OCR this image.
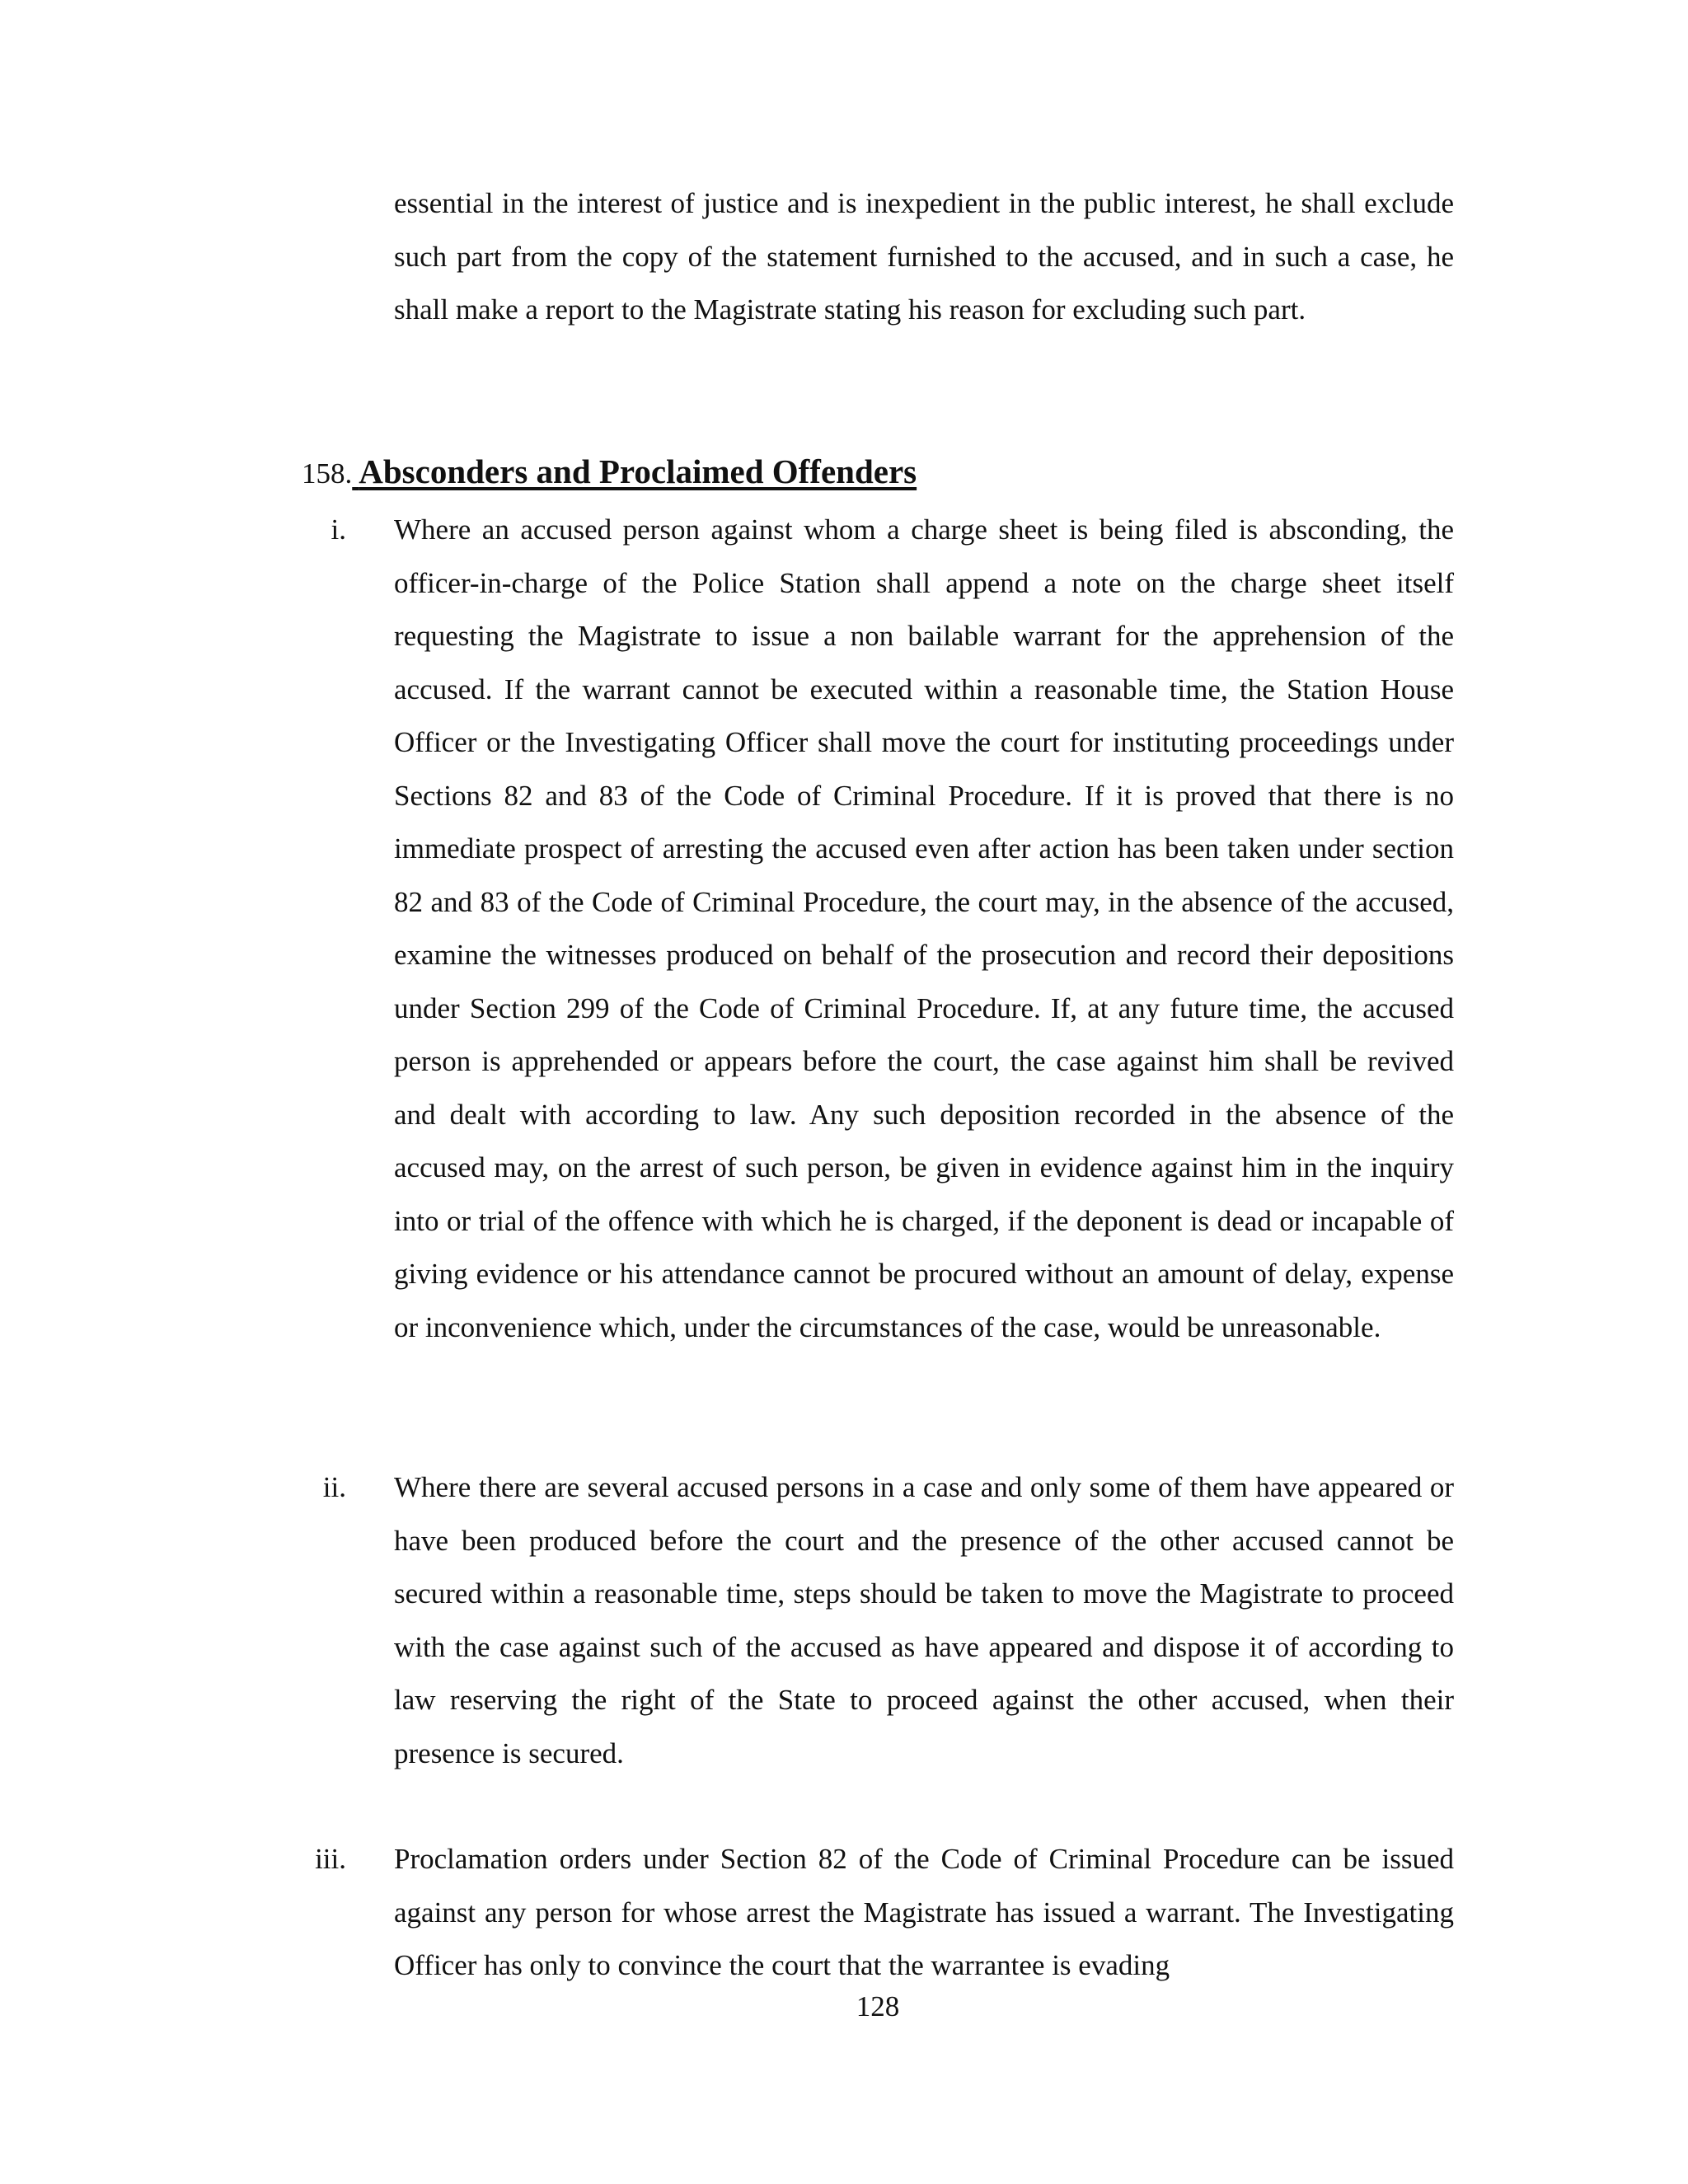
essential in the interest of justice and is inexpedient in the public interest, he shall exclude such part from the copy of the statement furnished to the accused, and in such a case, he shall make a report to the Magistrate stating his reason for excluding such part.

158. Absconders and Proclaimed Offenders
i. Where an accused person against whom a charge sheet is being filed is absconding, the officer-in-charge of the Police Station shall append a note on the charge sheet itself requesting the Magistrate to issue a non bailable warrant for the apprehension of the accused. If the warrant cannot be executed within a reasonable time, the Station House Officer or the Investigating Officer shall move the court for instituting proceedings under Sections 82 and 83 of the Code of Criminal Procedure. If it is proved that there is no immediate prospect of arresting the accused even after action has been taken under section 82 and 83 of the Code of Criminal Procedure, the court may, in the absence of the accused, examine the witnesses produced on behalf of the prosecution and record their depositions under Section 299 of the Code of Criminal Procedure. If, at any future time, the accused person is apprehended or appears before the court, the case against him shall be revived and dealt with according to law. Any such deposition recorded in the absence of the accused may, on the arrest of such person, be given in evidence against him in the inquiry into or trial of the offence with which he is charged, if the deponent is dead or incapable of giving evidence or his attendance cannot be procured without an amount of delay, expense or inconvenience which, under the circumstances of the case, would be unreasonable.

ii. Where there are several accused persons in a case and only some of them have appeared or have been produced before the court and the presence of the other accused cannot be secured within a reasonable time, steps should be taken to move the Magistrate to proceed with the case against such of the accused as have appeared and dispose it of according to law reserving the right of the State to proceed against the other accused, when their presence is secured.

iii. Proclamation orders under Section 82 of the Code of Criminal Procedure can be issued against any person for whose arrest the Magistrate has issued a warrant. The Investigating Officer has only to convince the court that the warrantee is evading

128
